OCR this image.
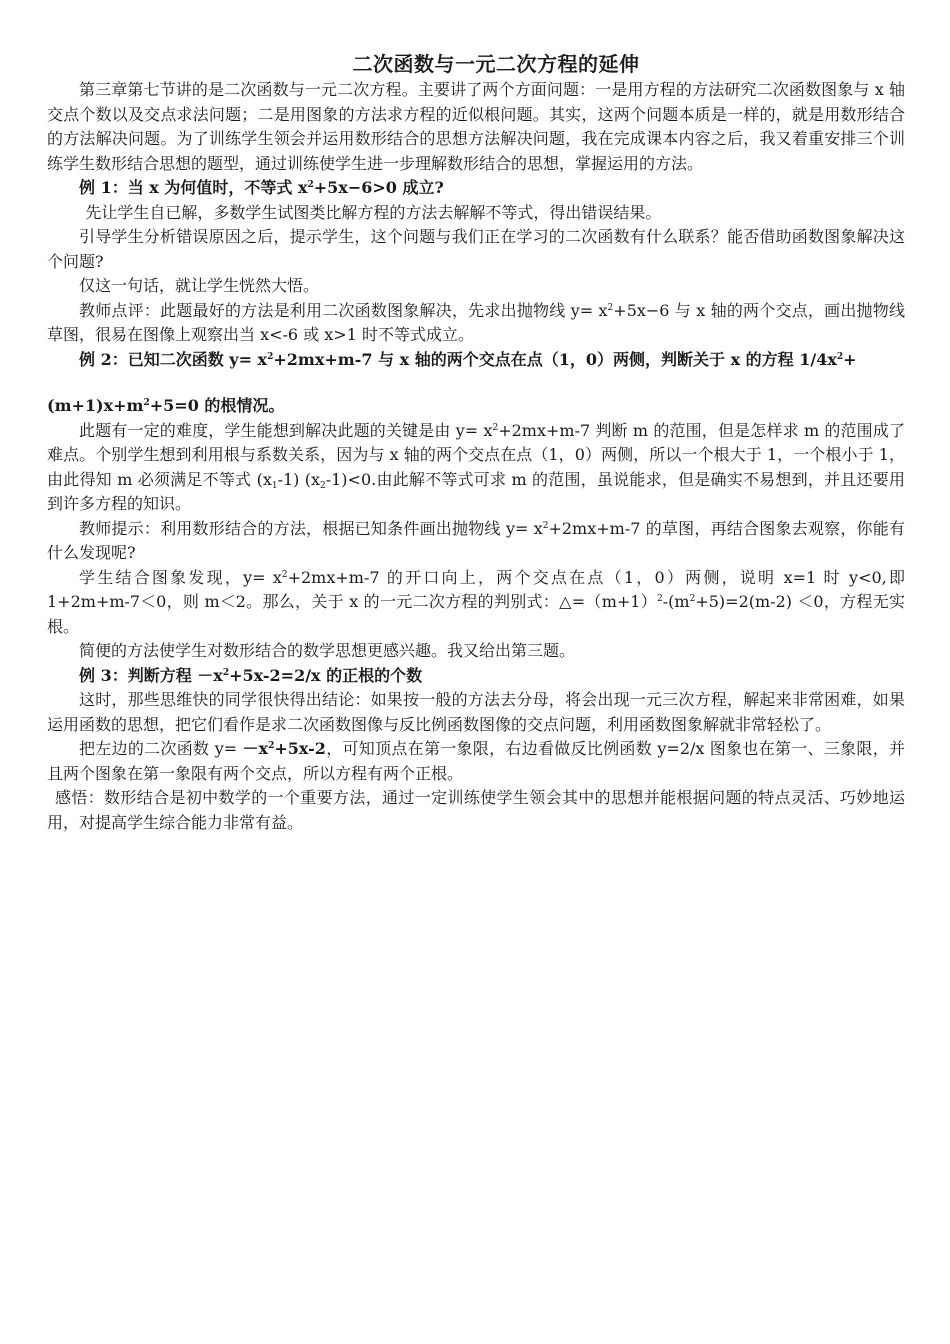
二次函数与一元二次方程的延伸

第三章第七节讲的是二次函数与一元二次方程。主要讲了两个方面问题：一是用方程的方法研究二次函数图象与 x 轴交点个数以及交点求法问题；二是用图象的方法求方程的近似根问题。其实，这两个问题本质是一样的，就是用数形结合的方法解决问题。为了训练学生领会并运用数形结合的思想方法解决问题，我在完成课本内容之后，我又着重安排三个训练学生数形结合思想的题型，通过训练使学生进一步理解数形结合的思想，掌握运用的方法。

例 1：当 x 为何值时，不等式 $x^2+5x-6>0$ 成立?

先让学生自已解，多数学生试图类比解方程的方法去解解不等式，得出错误结果。

引导学生分析错误原因之后，提示学生，这个问题与我们正在学习的二次函数有什么联系？能否借助函数图象解决这个问题?

仅这一句话，就让学生恍然大悟。

教师点评：此题最好的方法是利用二次函数图象解决，先求出抛物线 $y= x^2+5x-6$ 与 x 轴的两个交点，画出抛物线草图，很易在图像上观察出当 x<-6 或 x>1 时不等式成立。

例 2：已知二次函数 $y= x^2+2mx+m-7$ 与 x 轴的两个交点在点（1，0）两侧，判断关于 x 的方程 $1/4x^2+$

$(m+1)x+m^2+5=0$ 的根情况。

此题有一定的难度，学生能想到解决此题的关键是由 $y= x^2+2mx+m-7$ 判断 m 的范围，但是怎样求 m 的范围成了难点。个别学生想到利用根与系数关系，因为与 x 轴的两个交点在点（1，0）两侧，所以一个根大于 1，一个根小于 1，由此得知 m 必须满足不等式 $(x_1-1)$ $(x_2-1)<0$.由此解不等式可求 m 的范围，虽说能求，但是确实不易想到，并且还要用到许多方程的知识。

教师提示：利用数形结合的方法，根据已知条件画出抛物线 $y= x^2+2mx+m-7$ 的草图，再结合图象去观察，你能有什么发现呢?

学生结合图象发现，$y= x^2+2mx+m-7$ 的开口向上，两个交点在点（1，0）两侧，说明 x=1 时 y<0,即 1+2m+m-7＜0，则 m＜2。那么，关于 x 的一元二次方程的判别式：$\triangle=(m+1)^2-(m^2+5)=2(m-2) <0$，方程无实根。

简便的方法使学生对数形结合的数学思想更感兴趣。我又给出第三题。

例 3：判断方程 $-x^2+5x-2=2/x$ 的正根的个数

这时，那些思维快的同学很快得出结论：如果按一般的方法去分母，将会出现一元三次方程，解起来非常困难，如果运用函数的思想，把它们看作是求二次函数图像与反比例函数图像的交点问题，利用函数图象解就非常轻松了。

把左边的二次函数 $y= -x^2+5x-2$，可知顶点在第一象限，右边看做反比例函数 y=2/x 图象也在第一、三象限，并且两个图象在第一象限有两个交点，所以方程有两个正根。

感悟：数形结合是初中数学的一个重要方法，通过一定训练使学生领会其中的思想并能根据问题的特点灵活、巧妙地运用，对提高学生综合能力非常有益。
